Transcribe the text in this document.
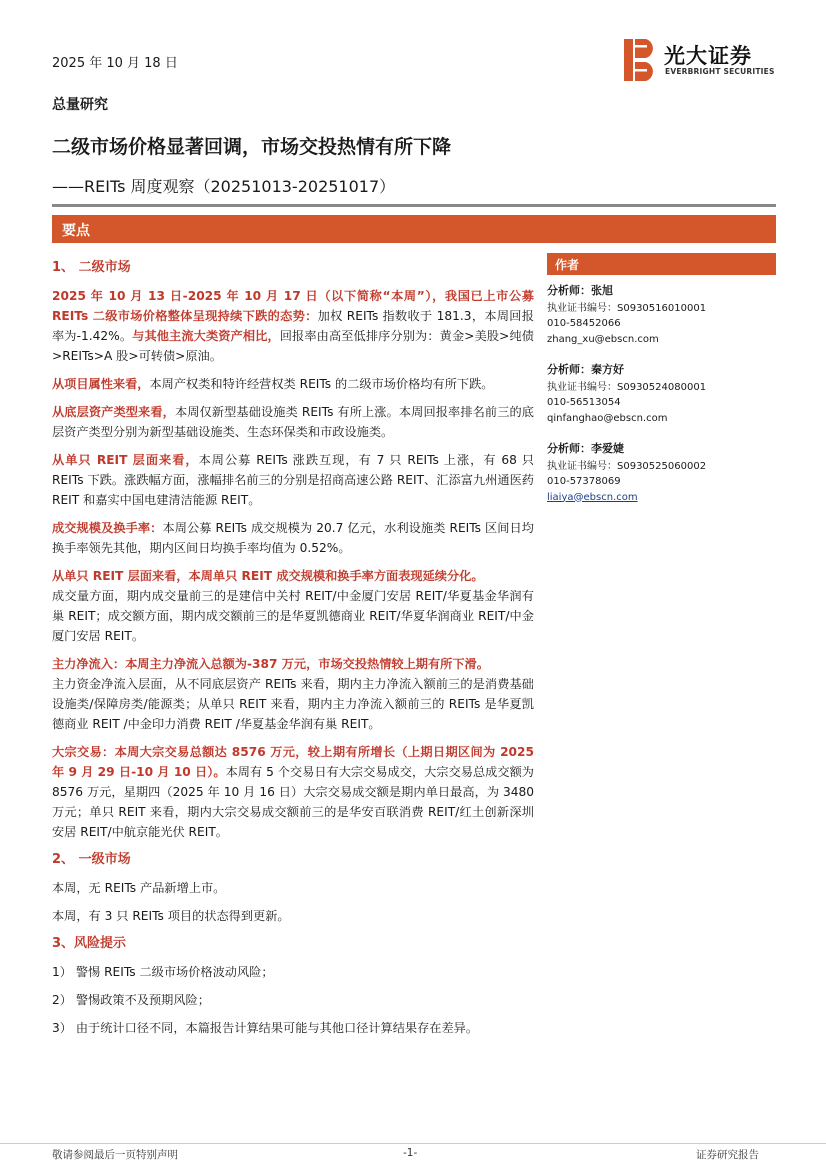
2025 年 10 月 18 日	光大证券
EVERBRIGHT SECURITIES
总量研究
二级市场价格显著回调，市场交投热情有所下降
——REITs 周度观察（20251013-20251017）
要点

1、 二级市场

2025 年 10 月 13 日-2025 年 10 月 17 日（以下简称“本周”），我国已上市公募 REITs 二级市场价格整体呈现持续下跌的态势：加权 REITs 指数收于 181.3，本周回报率为-1.42%。与其他主流大类资产相比，回报率由高至低排序分别为：黄金>美股>纯债>REITs>A 股>可转债>原油。

从项目属性来看，本周产权类和特许经营权类 REITs 的二级市场价格均有所下跌。

从底层资产类型来看，本周仅新型基础设施类 REITs 有所上涨。本周回报率排名前三的底层资产类型分别为新型基础设施类、生态环保类和市政设施类。

从单只 REIT 层面来看，本周公募 REITs 涨跌互现，有 7 只 REITs 上涨，有 68 只 REITs 下跌。涨跌幅方面，涨幅排名前三的分别是招商高速公路 REIT、汇添富九州通医药 REIT 和嘉实中国电建清洁能源 REIT。

成交规模及换手率：本周公募 REITs 成交规模为 20.7 亿元，水利设施类 REITs 区间日均换手率领先其他，期内区间日均换手率均值为 0.52%。

从单只 REIT 层面来看，本周单只 REIT 成交规模和换手率方面表现延续分化。
成交量方面，期内成交量前三的是建信中关村 REIT/中金厦门安居 REIT/华夏基金华润有巢 REIT；成交额方面，期内成交额前三的是华夏凯德商业 REIT/华夏华润商业 REIT/中金厦门安居 REIT。

主力净流入：本周主力净流入总额为-387 万元，市场交投热情较上期有所下滑。
主力资金净流入层面，从不同底层资产 REITs 来看，期内主力净流入额前三的是消费基础设施类/保障房类/能源类；从单只 REIT 来看，期内主力净流入额前三的 REITs 是华夏凯德商业 REIT /中金印力消费 REIT /华夏基金华润有巢 REIT。

大宗交易：本周大宗交易总额达 8576 万元，较上期有所增长（上期日期区间为 2025 年 9 月 29 日-10 月 10 日）。本周有 5 个交易日有大宗交易成交，大宗交易总成交额为 8576 万元，星期四（2025 年 10 月 16 日）大宗交易成交额是期内单日最高，为 3480 万元；单只 REIT 来看，期内大宗交易成交额前三的是华安百联消费 REIT/红土创新深圳安居 REIT/中航京能光伏 REIT。

2、 一级市场

本周，无 REITs 产品新增上市。

本周，有 3 只 REITs 项目的状态得到更新。

3、风险提示

1） 警惕 REITs 二级市场价格波动风险；

2） 警惕政策不及预期风险；

3） 由于统计口径不同，本篇报告计算结果可能与其他口径计算结果存在差异。

作者
分析师：张旭
执业证书编号：S0930516010001
010-58452066
zhang_xu@ebscn.com
分析师：秦方好
执业证书编号：S0930524080001
010-56513054
qinfanghao@ebscn.com
分析师：李爱婕
执业证书编号：S0930525060002
010-57378069
liaiya@ebscn.com
敬请参阅最后一页特别声明	-1-	证券研究报告
